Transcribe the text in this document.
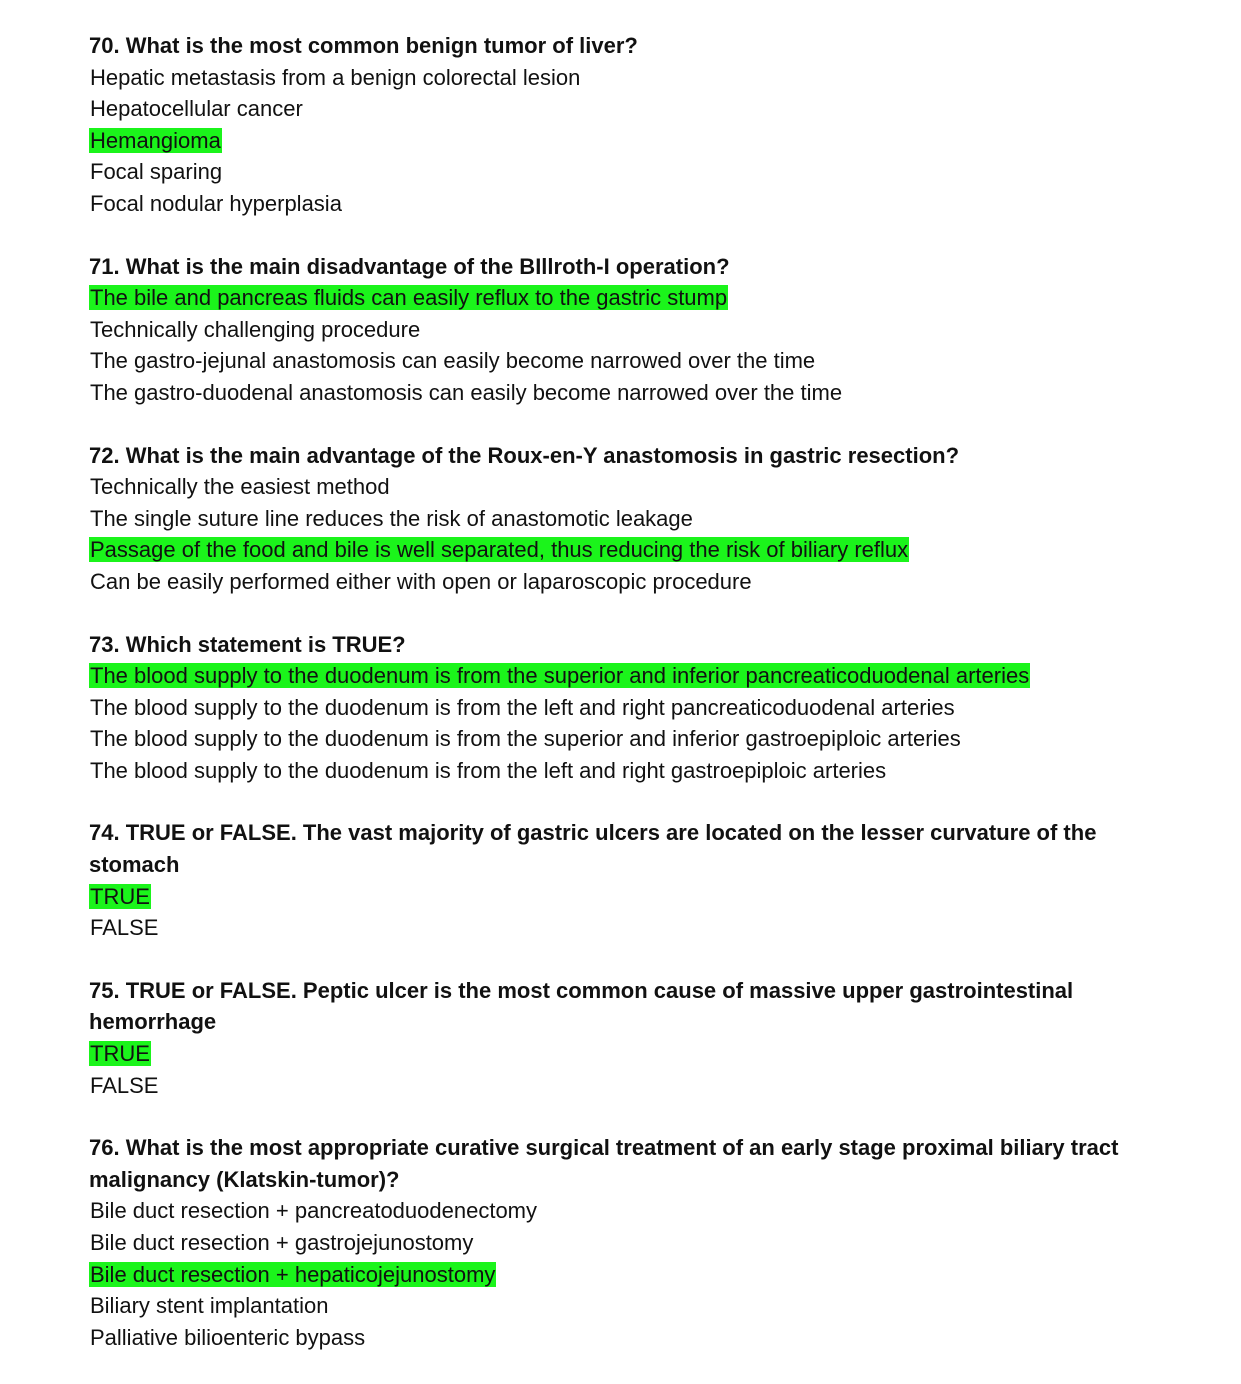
70. What is the most common benign tumor of liver?
Hepatic metastasis from a benign colorectal lesion
Hepatocellular cancer
Hemangioma
Focal sparing
Focal nodular hyperplasia
71. What is the main disadvantage of the BIllroth-I operation?
The bile and pancreas fluids can easily reflux to the gastric stump
Technically challenging procedure
The gastro-jejunal anastomosis can easily become narrowed over the time
The gastro-duodenal anastomosis can easily become narrowed over the time
72. What is the main advantage of the Roux-en-Y anastomosis in gastric resection?
Technically the easiest method
The single suture line reduces the risk of anastomotic leakage
Passage of the food and bile is well separated, thus reducing the risk of biliary reflux
Can be easily performed either with open or laparoscopic procedure
73. Which statement is TRUE?
The blood supply to the duodenum is from the superior and inferior pancreaticoduodenal arteries
The blood supply to the duodenum is from the left and right pancreaticoduodenal arteries
The blood supply to the duodenum is from the superior and inferior gastroepiploic arteries
The blood supply to the duodenum is from the left and right gastroepiploic arteries
74. TRUE or FALSE. The vast majority of gastric ulcers are located on the lesser curvature of the stomach
TRUE
FALSE
75. TRUE or FALSE. Peptic ulcer is the most common cause of massive upper gastrointestinal hemorrhage
TRUE
FALSE
76. What is the most appropriate curative surgical treatment of an early stage proximal biliary tract malignancy (Klatskin-tumor)?
Bile duct resection + pancreatoduodenectomy
Bile duct resection + gastrojejunostomy
Bile duct resection + hepaticojejunostomy
Biliary stent implantation
Palliative bilioenteric bypass
